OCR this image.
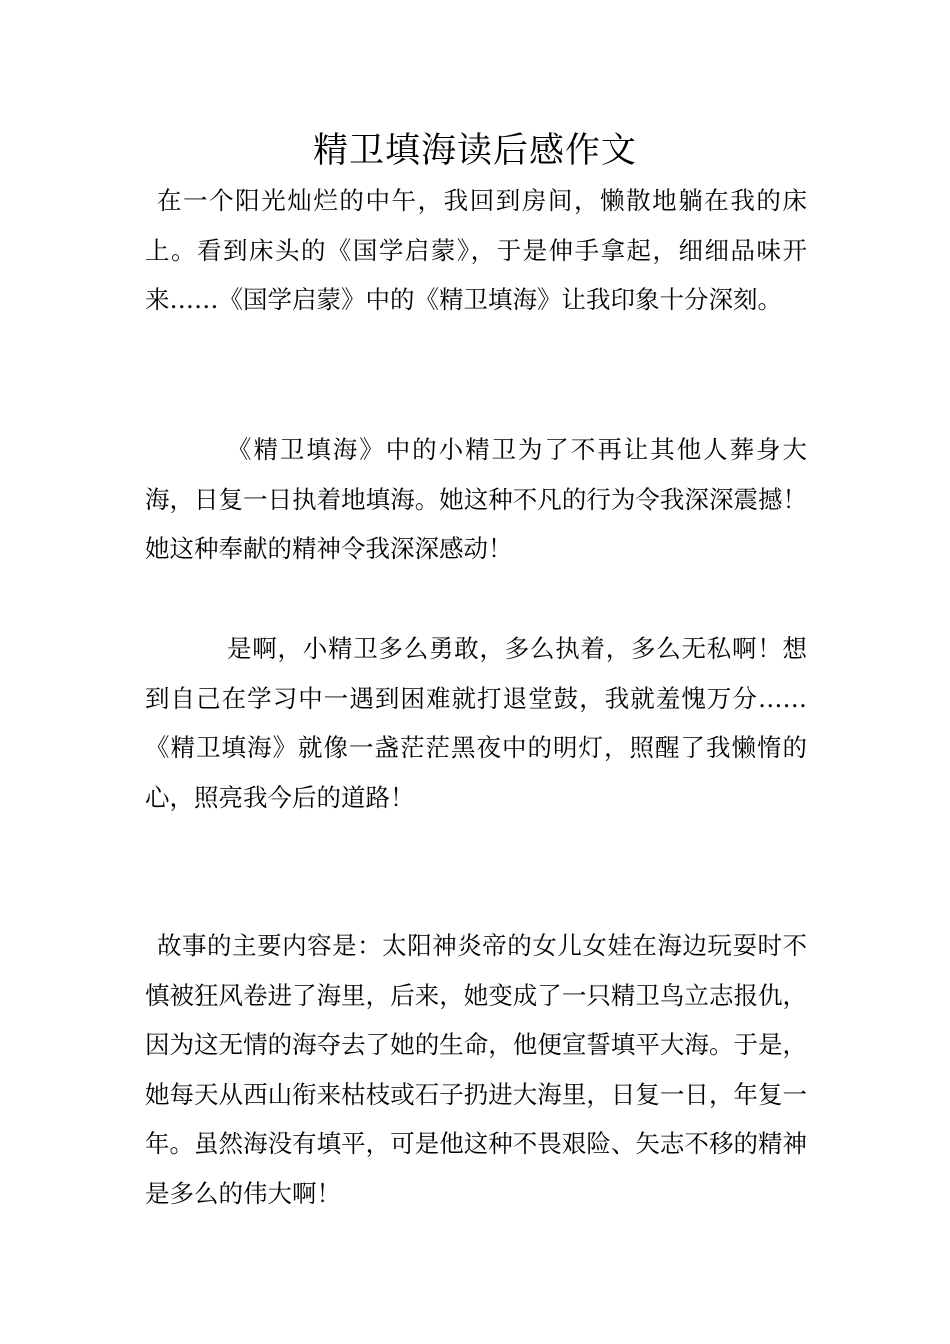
精卫填海读后感作文

在一个阳光灿烂的中午，我回到房间，懒散地躺在我的床上。看到床头的《国学启蒙》，于是伸手拿起，细细品味开来……《国学启蒙》中的《精卫填海》让我印象十分深刻。

《精卫填海》中的小精卫为了不再让其他人葬身大海，日复一日执着地填海。她这种不凡的行为令我深深震撼！她这种奉献的精神令我深深感动！

是啊，小精卫多么勇敢，多么执着，多么无私啊！想到自己在学习中一遇到困难就打退堂鼓，我就羞愧万分……《精卫填海》就像一盏茫茫黑夜中的明灯，照醒了我懒惰的心，照亮我今后的道路！

故事的主要内容是：太阳神炎帝的女儿女娃在海边玩耍时不慎被狂风卷进了海里，后来，她变成了一只精卫鸟立志报仇，因为这无情的海夺去了她的生命，他便宣誓填平大海。于是，她每天从西山衔来枯枝或石子扔进大海里，日复一日，年复一年。虽然海没有填平，可是他这种不畏艰险、矢志不移的精神是多么的伟大啊！
